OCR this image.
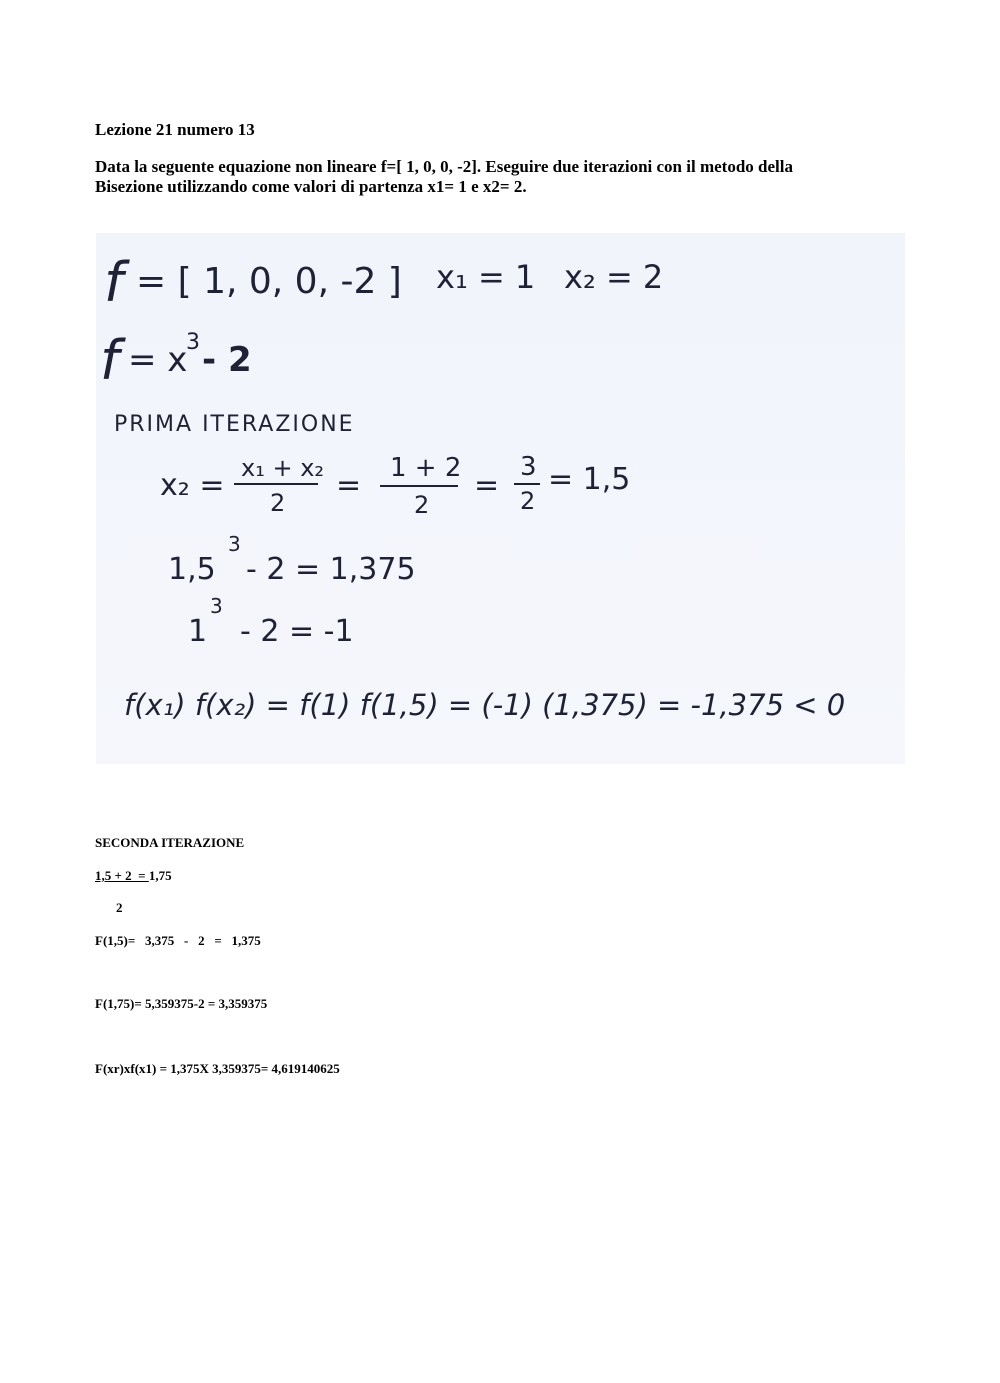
Lezione 21 numero 13
Data la seguente equazione non lineare f=[ 1, 0, 0, -2]. Eseguire due iterazioni con il metodo della
Bisezione utilizzando come valori di partenza x1= 1 e x2= 2.
f = [ 1, 0, 0, -2 ] x₁ = 1 x₂ = 2
f = x
3 - 2
PRIMA ITERAZIONE
x₂ = x₁ + x₂
2 = 1 + 2
2
=
3
2
= 1,5
1,5
3
- 2 = 1,375
1
3
- 2 = -1
f(x₁) f(x₂) = f(1) f(1,5) = (-1) (1,375) = -1,375 < 0
SECONDA ITERAZIONE
1,5 + 2  = 1,75
2
F(1,5)=   3,375   -   2   =   1,375
F(1,75)= 5,359375-2 = 3,359375
F(xr)xf(x1) = 1,375X 3,359375= 4,619140625
